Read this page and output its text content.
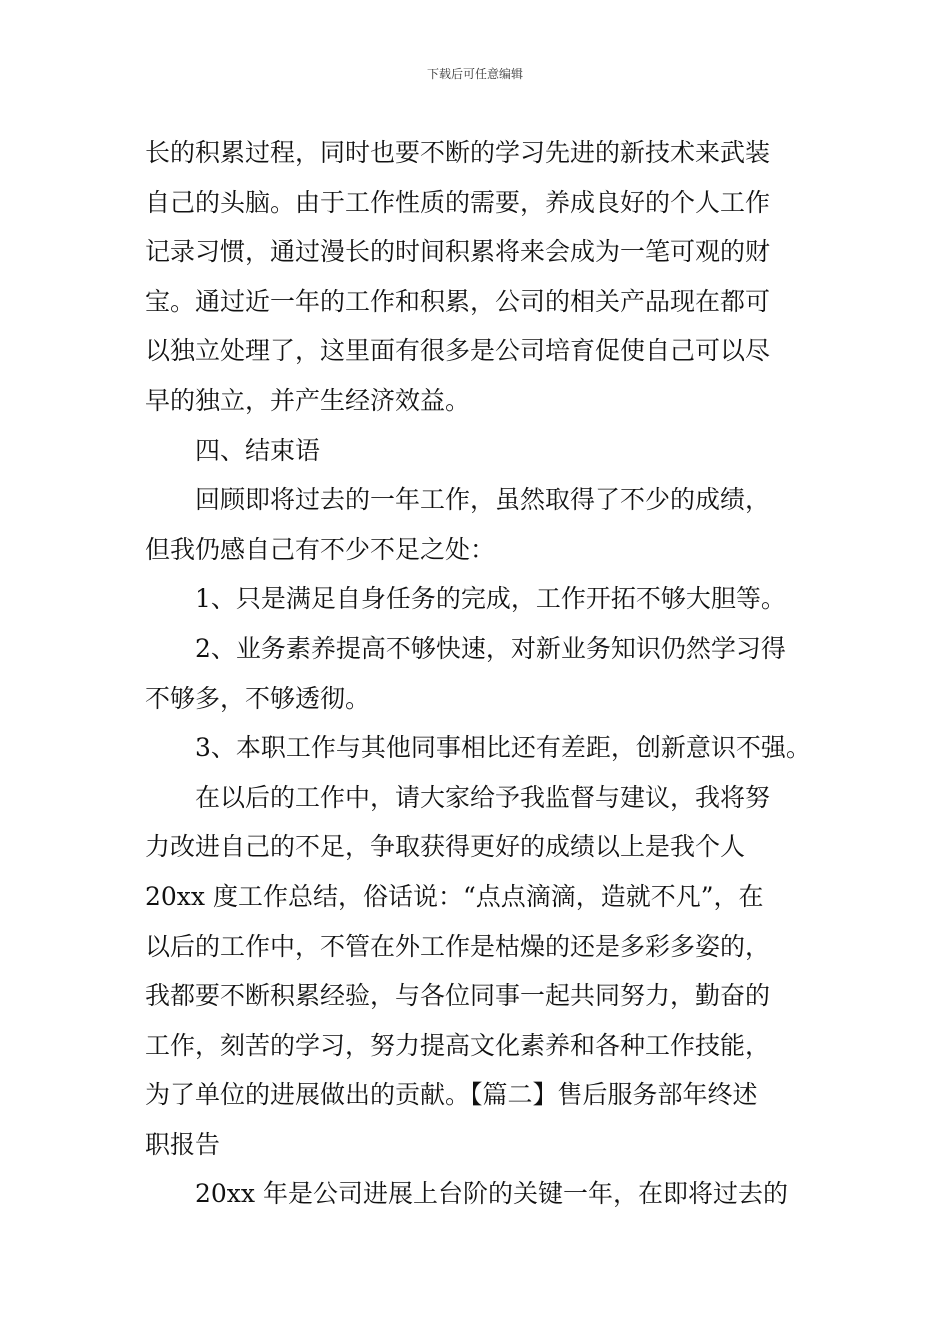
下载后可任意编辑
长的积累过程，同时也要不断的学习先进的新技术来武装
自己的头脑。由于工作性质的需要，养成良好的个人工作
记录习惯，通过漫长的时间积累将来会成为一笔可观的财
宝。通过近一年的工作和积累，公司的相关产品现在都可
以独立处理了，这里面有很多是公司培育促使自己可以尽
早的独立，并产生经济效益。
四、结束语
回顾即将过去的一年工作，虽然取得了不少的成绩，
但我仍感自己有不少不足之处：
1、只是满足自身任务的完成，工作开拓不够大胆等。
2、业务素养提高不够快速，对新业务知识仍然学习得
不够多，不够透彻。
3、本职工作与其他同事相比还有差距，创新意识不强。
在以后的工作中，请大家给予我监督与建议，我将努
力改进自己的不足，争取获得更好的成绩以上是我个人
20xx 度工作总结，俗话说：“点点滴滴，造就不凡”，在
以后的工作中，不管在外工作是枯燥的还是多彩多姿的，
我都要不断积累经验，与各位同事一起共同努力，勤奋的
工作，刻苦的学习，努力提高文化素养和各种工作技能，
为了单位的进展做出的贡献。【篇二】售后服务部年终述
职报告
20xx 年是公司进展上台阶的关键一年，在即将过去的
